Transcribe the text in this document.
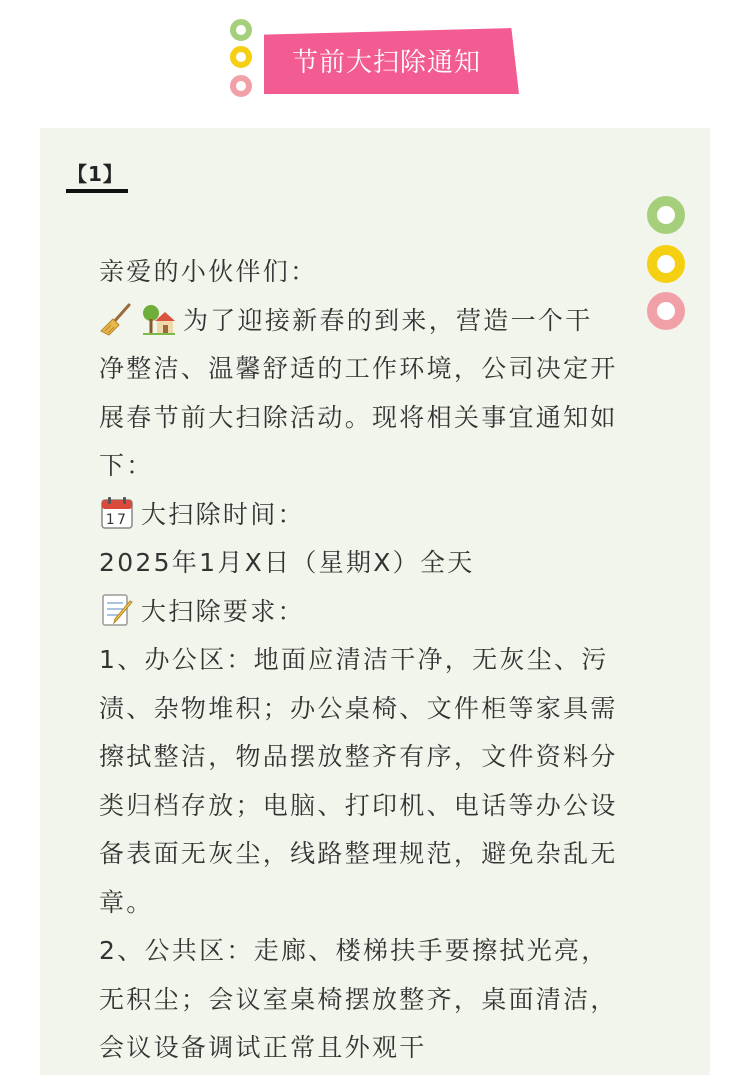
节前大扫除通知
【1】

亲爱的小伙伴们：

为了迎接新春的到来，营造一个干净整洁、温馨舒适的工作环境，公司决定开展春节前大扫除活动。现将相关事宜通知如下：

17 大扫除时间：

2025年1月X日（星期X）全天

大扫除要求：

1、办公区：地面应清洁干净，无灰尘、污渍、杂物堆积；办公桌椅、文件柜等家具需擦拭整洁，物品摆放整齐有序，文件资料分类归档存放；电脑、打印机、电话等办公设备表面无灰尘，线路整理规范，避免杂乱无章。

2、公共区：走廊、楼梯扶手要擦拭光亮，无积尘；会议室桌椅摆放整齐，桌面清洁，会议设备调试正常且外观干
